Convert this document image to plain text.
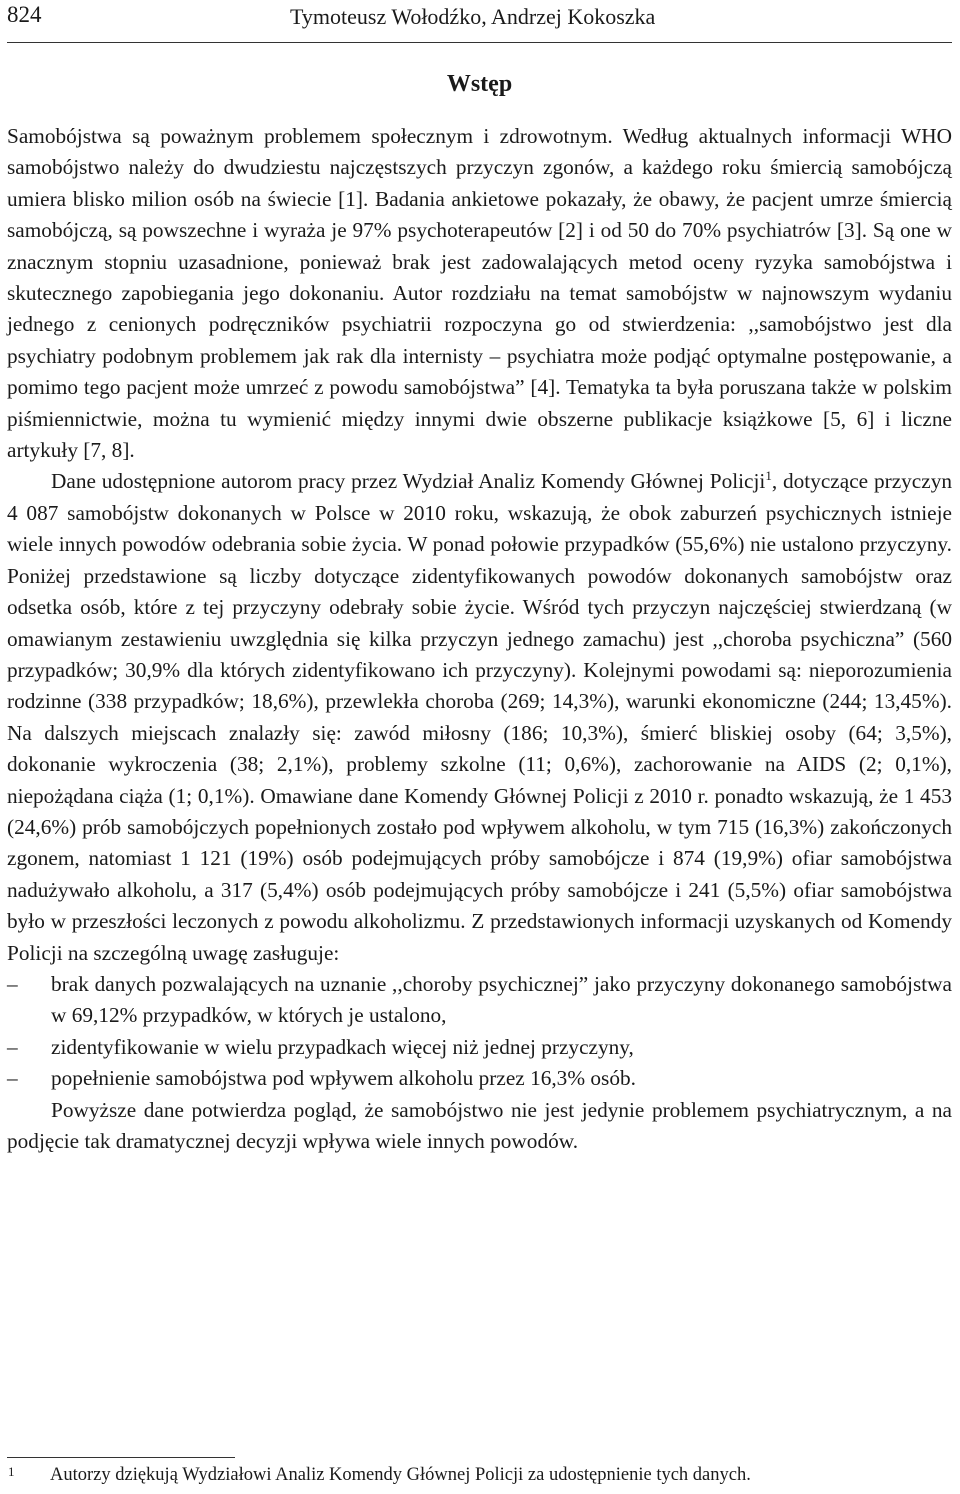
824	Tymoteusz Wołodźko, Andrzej Kokoszka
Wstęp

Samobójstwa są poważnym problemem społecznym i zdrowotnym. Według aktualnych informacji WHO samobójstwo należy do dwudziestu najczęstszych przyczyn zgonów, a każdego roku śmiercią samobójczą umiera blisko milion osób na świecie [1]. Badania ankietowe pokazały, że obawy, że pacjent umrze śmiercią samobójczą, są powszechne i wyraża je 97% psychoterapeutów [2] i od 50 do 70% psychiatrów [3]. Są one w znacznym stopniu uzasadnione, ponieważ brak jest zadowalających metod oceny ryzyka samobójstwa i skutecznego zapobiegania jego dokonaniu. Autor rozdziału na temat samobójstw w najnowszym wydaniu jednego z cenionych podręczników psychiatrii rozpoczyna go od stwierdzenia: ,,samobójstwo jest dla psychiatry podobnym problemem jak rak dla internisty – psychiatra może podjąć optymalne postępowanie, a pomimo tego pacjent może umrzeć z powodu samobójstwa” [4]. Tematyka ta była poruszana także w polskim piśmiennictwie, można tu wymienić między innymi dwie obszerne publikacje książkowe [5, 6] i liczne artykuły [7, 8].

Dane udostępnione autorom pracy przez Wydział Analiz Komendy Głównej Policji$^1$, dotyczące przyczyn 4 087 samobójstw dokonanych w Polsce w 2010 roku, wskazują, że obok zaburzeń psychicznych istnieje wiele innych powodów odebrania sobie życia. W ponad połowie przypadków (55,6%) nie ustalono przyczyny. Poniżej przedstawione są liczby dotyczące zidentyfikowanych powodów dokonanych samobójstw oraz odsetka osób, które z tej przyczyny odebrały sobie życie. Wśród tych przyczyn najczęściej stwierdzaną (w omawianym zestawieniu uwzględnia się kilka przyczyn jednego zamachu) jest ,,choroba psychiczna” (560 przypadków; 30,9% dla których zidentyfikowano ich przyczyny). Kolejnymi powodami są: nieporozumienia rodzinne (338 przypadków; 18,6%), przewlekła choroba (269; 14,3%), warunki ekonomiczne (244; 13,45%). Na dalszych miejscach znalazły się: zawód miłosny (186; 10,3%), śmierć bliskiej osoby (64; 3,5%), dokonanie wykroczenia (38; 2,1%), problemy szkolne (11; 0,6%), zachorowanie na AIDS (2; 0,1%), niepożądana ciąża (1; 0,1%). Omawiane dane Komendy Głównej Policji z 2010 r. ponadto wskazują, że 1 453 (24,6%) prób samobójczych popełnionych zostało pod wpływem alkoholu, w tym 715 (16,3%) zakończonych zgonem, natomiast 1 121 (19%) osób podejmujących próby samobójcze i 874 (19,9%) ofiar samobójstwa nadużywało alkoholu, a 317 (5,4%) osób podejmujących próby samobójcze i 241 (5,5%) ofiar samobójstwa było w przeszłości leczonych z powodu alkoholizmu. Z przedstawionych informacji uzyskanych od Komendy Policji na szczególną uwagę zasługuje:

– brak danych pozwalających na uznanie ,,choroby psychicznej” jako przyczyny dokonanego samobójstwa w 69,12% przypadków, w których je ustalono,
– zidentyfikowanie w wielu przypadkach więcej niż jednej przyczyny,
– popełnienie samobójstwa pod wpływem alkoholu przez 16,3% osób.

Powyższe dane potwierdza pogląd, że samobójstwo nie jest jedynie problemem psychiatrycznym, a na podjęcie tak dramatycznej decyzji wpływa wiele innych powodów.

1 Autorzy dziękują Wydziałowi Analiz Komendy Głównej Policji za udostępnienie tych danych.
